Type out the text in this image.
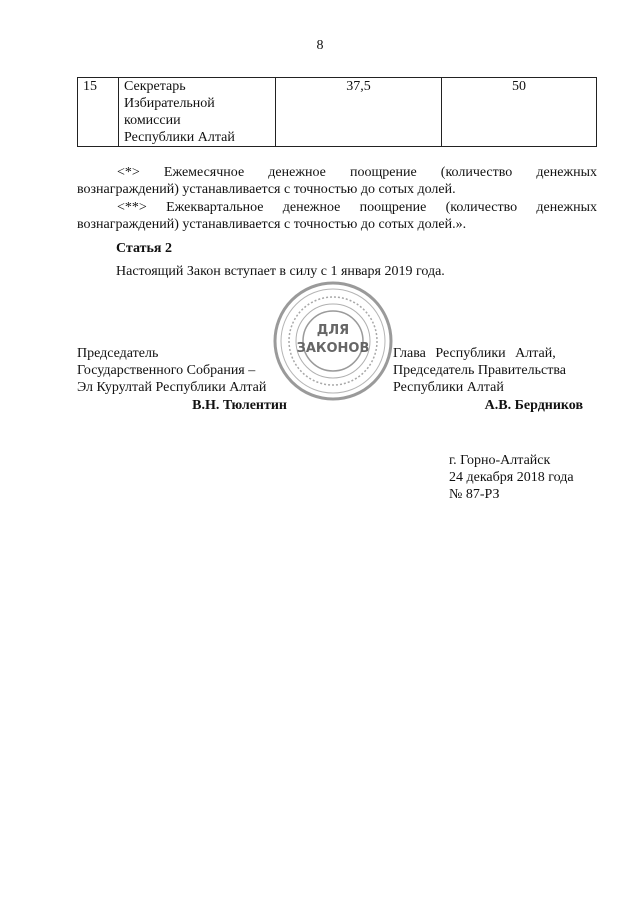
8
15	Секретарь
Избирательной
комиссии
Республики Алтай
	37,5	50
<*> Ежемесячное денежное поощрение (количество денежных вознаграждений) устанавливается с точностью до сотых долей.
<**> Ежеквартальное денежное поощрение (количество денежных вознаграждений) устанавливается с точностью до сотых долей.».
Статья 2
Настоящий Закон вступает в силу с 1 января 2019 года.
ДЛЯ
ЗАКОНОВ
Председатель
Государственного Собрания –
Эл Курултай Республики Алтай
В.Н. Тюлентин
Глава Республики Алтай,
Председатель Правительства
Республики Алтай
А.В. Бердников
г. Горно-Алтайск
24 декабря 2018 года
№ 87-РЗ
